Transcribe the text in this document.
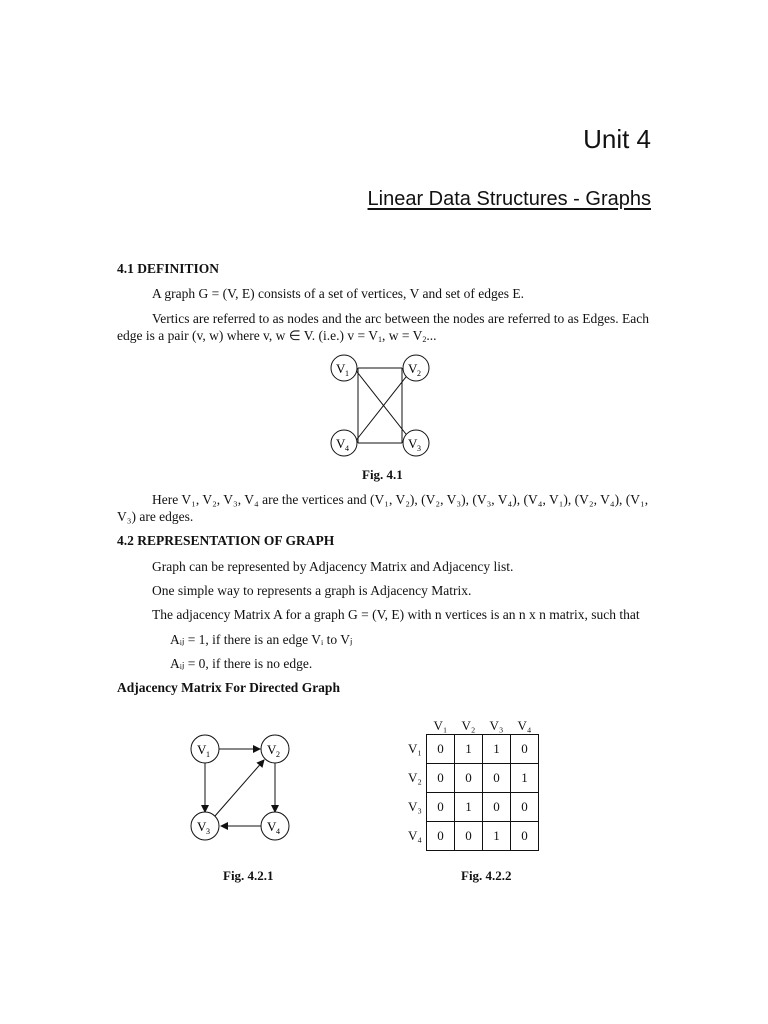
Unit 4
Linear Data Structures - Graphs
4.1 DEFINITION
A graph G = (V, E) consists of a set of vertices, V and set of edges E.
Vertics are referred to as nodes and the arc between the nodes are referred to as Edges. Each
edge is a pair (v, w) where v, w ∈ V. (i.e.) $v = V_1$, $w = V_2$...
V 1	V 2
V 3
V 4
Fig. 4.1
Here V₁, V₂, V₃, V₄ are the vertices and (V₁, V₂), (V₂, V₃), (V₃, V₄), (V₄, V₁), (V₂, V₄), (V₁,
V₃) are edges.
4.2 REPRESENTATION OF GRAPH
Graph can be represented by Adjacency Matrix and Adjacency list.
One simple way to represents a graph is Adjacency Matrix.
The adjacency Matrix A for a graph G = (V, E) with n vertices is an n x n matrix, such that
Aᵢⱼ = 1, if there is an edge Vᵢ to Vⱼ
Aᵢⱼ = 0, if there is no edge.
Adjacency Matrix For Directed Graph
V 1	V 2
V 3	V 4
Fig. 4.2.1
	V₁	V₂	V₃	V₄
V₁	0	1	1	0
V₂	0	0	0	1
V₃	0	1	0	0
V₄	0	0	1	0
Fig. 4.2.2
